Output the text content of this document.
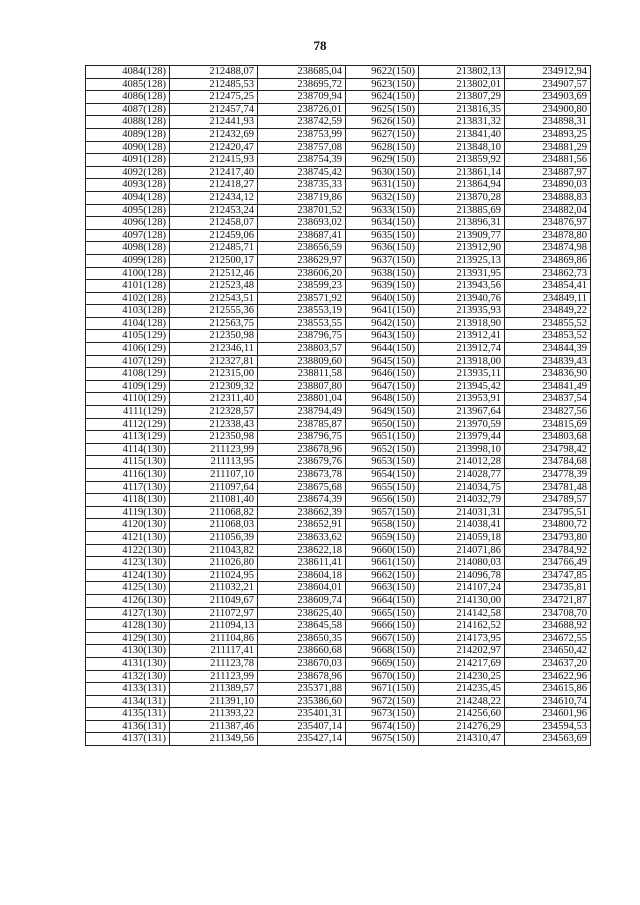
78
4084(128)	212488,07	238685,04	9622(150)	213802,13	234912,94
4085(128)	212485,53	238695,72	9623(150)	213802,01	234907,57
4086(128)	212475,25	238709,94	9624(150)	213807,29	234903,69
4087(128)	212457,74	238726,01	9625(150)	213816,35	234900,80
4088(128)	212441,93	238742,59	9626(150)	213831,32	234898,31
4089(128)	212432,69	238753,99	9627(150)	213841,40	234893,25
4090(128)	212420,47	238757,08	9628(150)	213848,10	234881,29
4091(128)	212415,93	238754,39	9629(150)	213859,92	234881,56
4092(128)	212417,40	238745,42	9630(150)	213861,14	234887,97
4093(128)	212418,27	238735,33	9631(150)	213864,94	234890,03
4094(128)	212434,12	238719,86	9632(150)	213870,28	234888,83
4095(128)	212453,24	238701,52	9633(150)	213885,69	234882,04
4096(128)	212458,07	238693,02	9634(150)	213896,31	234876,97
4097(128)	212459,06	238687,41	9635(150)	213909,77	234878,80
4098(128)	212485,71	238656,59	9636(150)	213912,90	234874,98
4099(128)	212500,17	238629,97	9637(150)	213925,13	234869,86
4100(128)	212512,46	238606,20	9638(150)	213931,95	234862,73
4101(128)	212523,48	238599,23	9639(150)	213943,56	234854,41
4102(128)	212543,51	238571,92	9640(150)	213940,76	234849,11
4103(128)	212555,36	238553,19	9641(150)	213935,93	234849,22
4104(128)	212563,75	238553,55	9642(150)	213918,90	234855,52
4105(129)	212350,98	238796,75	9643(150)	213912,41	234853,52
4106(129)	212346,11	238803,57	9644(150)	213912,74	234844,39
4107(129)	212327,81	238809,60	9645(150)	213918,00	234839,43
4108(129)	212315,00	238811,58	9646(150)	213935,11	234836,90
4109(129)	212309,32	238807,80	9647(150)	213945,42	234841,49
4110(129)	212311,40	238801,04	9648(150)	213953,91	234837,54
4111(129)	212328,57	238794,49	9649(150)	213967,64	234827,56
4112(129)	212338,43	238785,87	9650(150)	213970,59	234815,69
4113(129)	212350,98	238796,75	9651(150)	213979,44	234803,68
4114(130)	211123,99	238678,96	9652(150)	213998,10	234798,42
4115(130)	211113,95	238679,76	9653(150)	214012,28	234784,68
4116(130)	211107,10	238673,78	9654(150)	214028,77	234778,39
4117(130)	211097,64	238675,68	9655(150)	214034,75	234781,48
4118(130)	211081,40	238674,39	9656(150)	214032,79	234789,57
4119(130)	211068,82	238662,39	9657(150)	214031,31	234795,51
4120(130)	211068,03	238652,91	9658(150)	214038,41	234800,72
4121(130)	211056,39	238633,62	9659(150)	214059,18	234793,80
4122(130)	211043,82	238622,18	9660(150)	214071,86	234784,92
4123(130)	211026,80	238611,41	9661(150)	214080,03	234766,49
4124(130)	211024,95	238604,18	9662(150)	214096,78	234747,85
4125(130)	211032,21	238604,01	9663(150)	214107,24	234735,81
4126(130)	211049,67	238609,74	9664(150)	214130,00	234721,87
4127(130)	211072,97	238625,40	9665(150)	214142,58	234708,70
4128(130)	211094,13	238645,58	9666(150)	214162,52	234688,92
4129(130)	211104,86	238650,35	9667(150)	214173,95	234672,55
4130(130)	211117,41	238660,68	9668(150)	214202,97	234650,42
4131(130)	211123,78	238670,03	9669(150)	214217,69	234637,20
4132(130)	211123,99	238678,96	9670(150)	214230,25	234622,96
4133(131)	211389,57	235371,88	9671(150)	214235,45	234615,86
4134(131)	211391,10	235386,60	9672(150)	214248,22	234610,74
4135(131)	211393,22	235401,31	9673(150)	214256,60	234601,96
4136(131)	211387,46	235407,14	9674(150)	214276,29	234594,53
4137(131)	211349,56	235427,14	9675(150)	214310,47	234563,69
